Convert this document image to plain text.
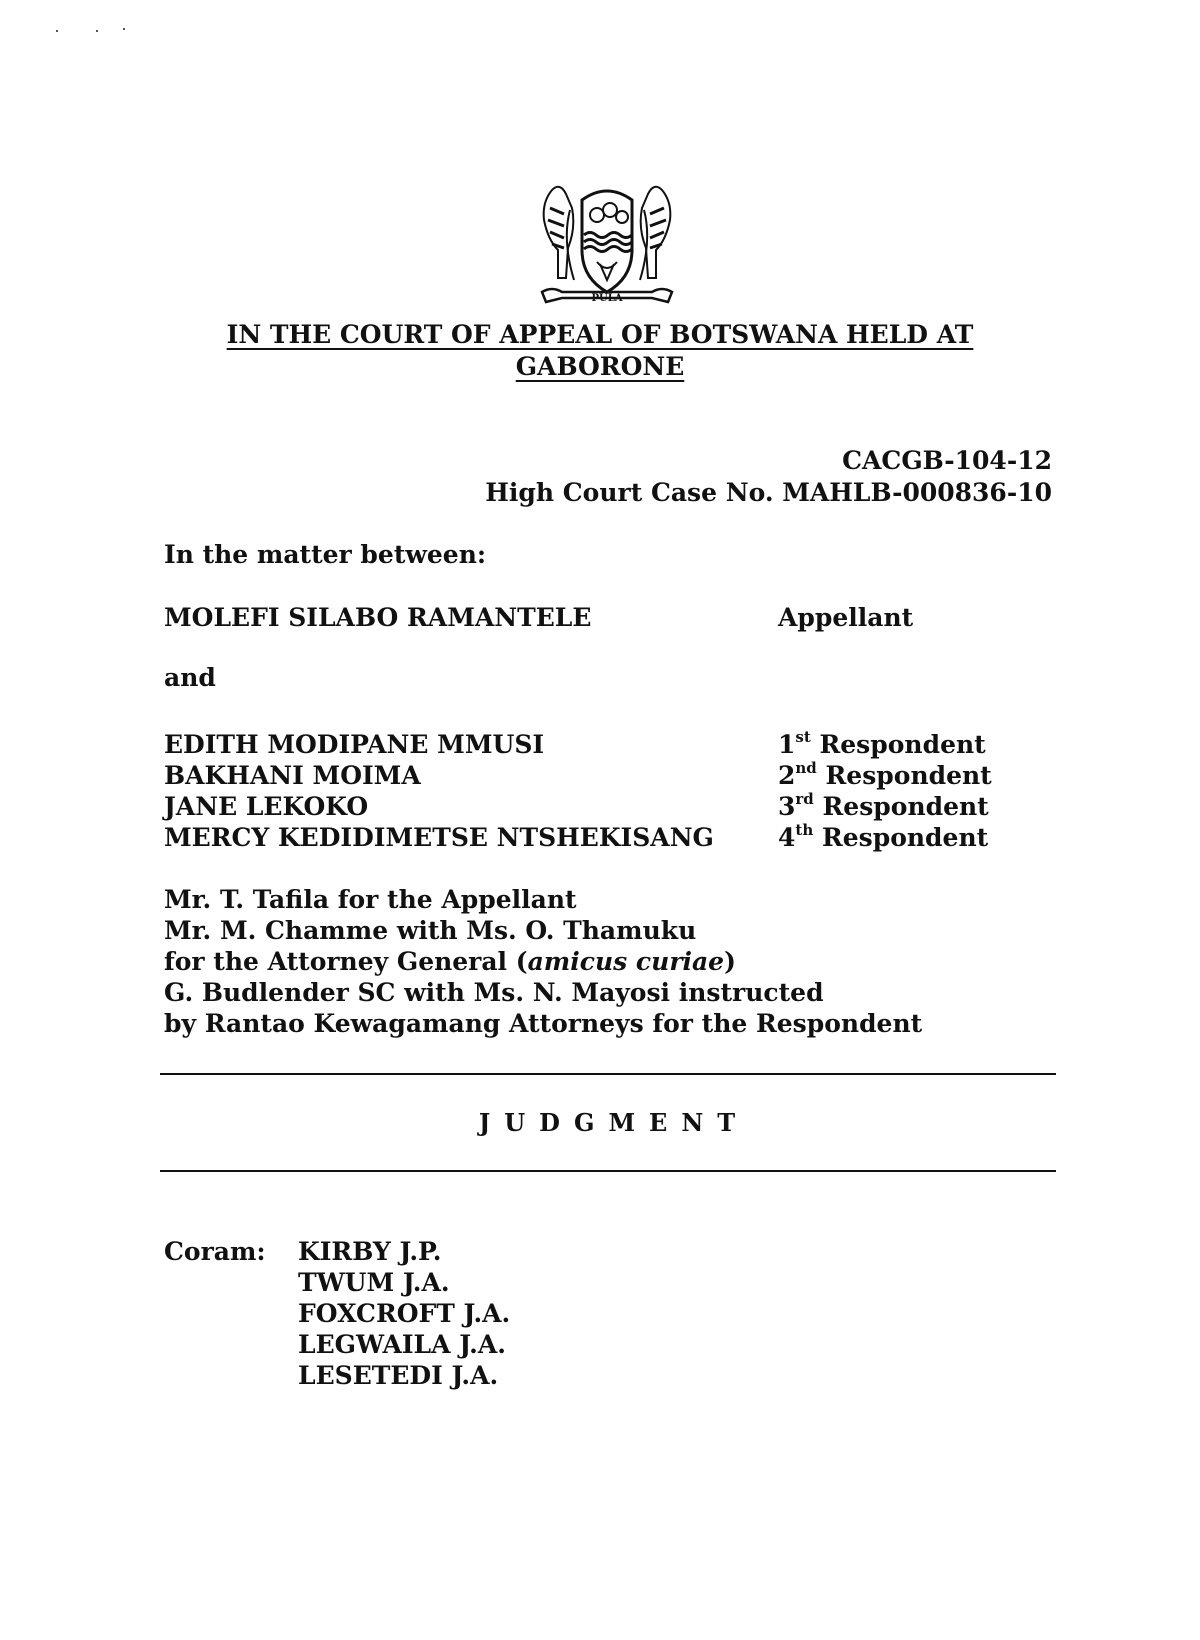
PULA
IN THE COURT OF APPEAL OF BOTSWANA HELD AT
GABORONE
CACGB-104-12
High Court Case No. MAHLB-000836-10
In the matter between:
MOLEFI SILABO RAMANTELE	Appellant
and
EDITH MODIPANE MMUSI	1st Respondent
BAKHANI MOIMA	2nd Respondent
JANE LEKOKO	3rd Respondent
MERCY KEDIDIMETSE NTSHEKISANG	4th Respondent
Mr. T. Tafila for the Appellant
Mr. M. Chamme with Ms. O. Thamuku
for the Attorney General (amicus curiae)
G. Budlender SC with Ms. N. Mayosi instructed
by Rantao Kewagamang Attorneys for the Respondent
JUDGMENT
Coram: KIRBY J.P.
TWUM J.A.
FOXCROFT J.A.
LEGWAILA J.A.
LESETEDI J.A.
